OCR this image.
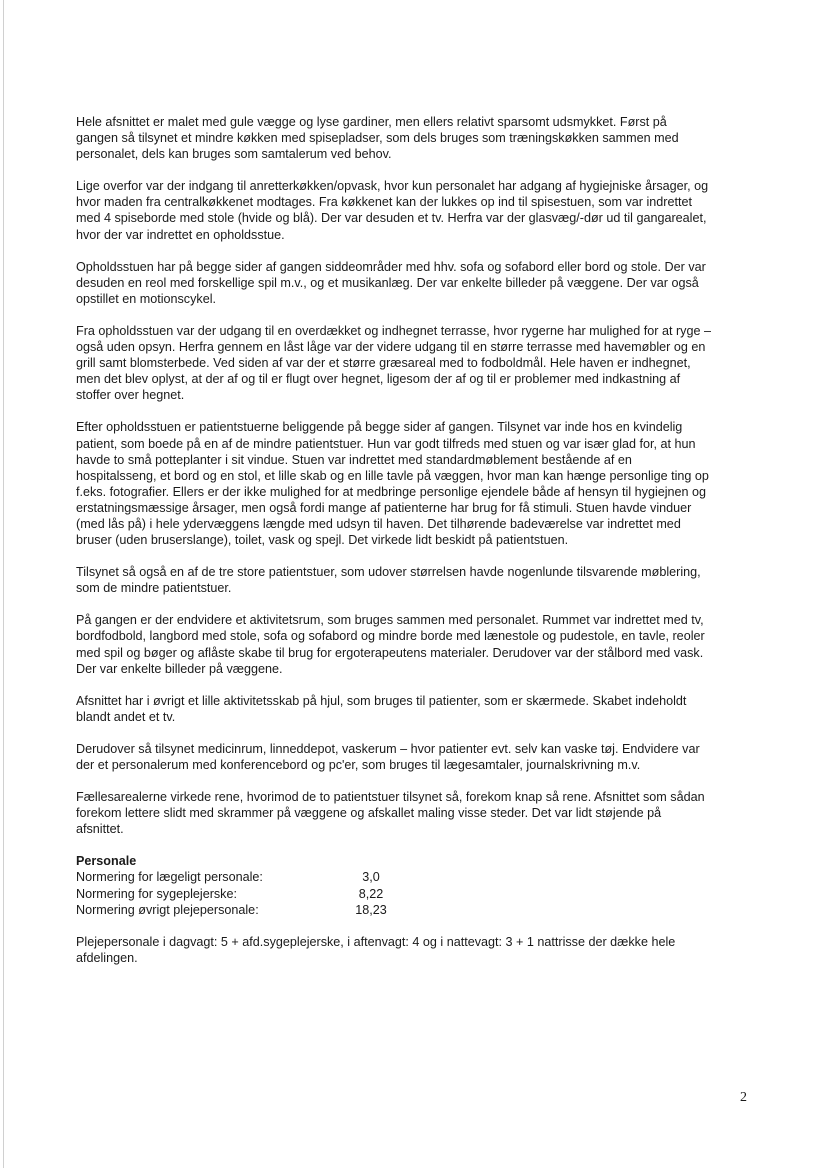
Hele afsnittet er malet med gule vægge og lyse gardiner, men ellers relativt sparsomt udsmykket. Først på gangen så tilsynet et mindre køkken med spisepladser, som dels bruges som træningskøkken sammen med personalet, dels kan bruges som samtalerum ved behov.

Lige overfor var der indgang til anretterkøkken/opvask, hvor kun personalet har adgang af hygiejniske årsager, og hvor maden fra centralkøkkenet modtages. Fra køkkenet kan der lukkes op ind til spisestuen, som var indrettet med 4 spiseborde med stole (hvide og blå). Der var desuden et tv. Herfra var der glasvæg/-dør ud til gangarealet, hvor der var indrettet en opholdsstue.

Opholdsstuen har på begge sider af gangen siddeområder med hhv. sofa og sofabord eller bord og stole. Der var desuden en reol med forskellige spil m.v., og et musikanlæg. Der var enkelte billeder på væggene. Der var også opstillet en motionscykel.

Fra opholdsstuen var der udgang til en overdækket og indhegnet terrasse, hvor rygerne har mulighed for at ryge – også uden opsyn. Herfra gennem en låst låge var der videre udgang til en større terrasse med havemøbler og en grill samt blomsterbede. Ved siden af var der et større græsareal med to fodboldmål. Hele haven er indhegnet, men det blev oplyst, at der af og til er flugt over hegnet, ligesom der af og til er problemer med indkastning af stoffer over hegnet.

Efter opholdsstuen er patientstuerne beliggende på begge sider af gangen. Tilsynet var inde hos en kvindelig patient, som boede på en af de mindre patientstuer. Hun var godt tilfreds med stuen og var især glad for, at hun havde to små potteplanter i sit vindue. Stuen var indrettet med standardmøblement bestående af en hospitalsseng, et bord og en stol, et lille skab og en lille tavle på væggen, hvor man kan hænge personlige ting op f.eks. fotografier. Ellers er der ikke mulighed for at medbringe personlige ejendele både af hensyn til hygiejnen og erstatningsmæssige årsager, men også fordi mange af patienterne har brug for få stimuli. Stuen havde vinduer (med lås på) i hele ydervæggens længde med udsyn til haven. Det tilhørende badeværelse var indrettet med bruser (uden bruserslange), toilet, vask og spejl. Det virkede lidt beskidt på patientstuen.

Tilsynet så også en af de tre store patientstuer, som udover størrelsen havde nogenlunde tilsvarende møblering, som de mindre patientstuer.

På gangen er der endvidere et aktivitetsrum, som bruges sammen med personalet. Rummet var indrettet med tv, bordfodbold, langbord med stole, sofa og sofabord og mindre borde med lænestole og pudestole, en tavle, reoler med spil og bøger og aflåste skabe til brug for ergoterapeutens materialer. Derudover var der stålbord med vask. Der var enkelte billeder på væggene.

Afsnittet har i øvrigt et lille aktivitetsskab på hjul, som bruges til patienter, som er skærmede. Skabet indeholdt blandt andet et tv.

Derudover så tilsynet medicinrum, linneddepot, vaskerum – hvor patienter evt. selv kan vaske tøj. Endvidere var der et personalerum med konferencebord og pc'er, som bruges til lægesamtaler, journalskrivning m.v.

Fællesarealerne virkede rene, hvorimod de to patientstuer tilsynet så, forekom knap så rene. Afsnittet som sådan forekom lettere slidt med skrammer på væggene og afskallet maling visse steder. Det var lidt støjende på afsnittet.

Personale

Normering for lægeligt personale:	3,0
Normering for sygeplejerske:	8,22
Normering øvrigt plejepersonale:	18,23

Plejepersonale i dagvagt: 5 + afd.sygeplejerske, i aftenvagt: 4 og i nattevagt: 3 + 1 nattrisse der dække hele afdelingen.

2
